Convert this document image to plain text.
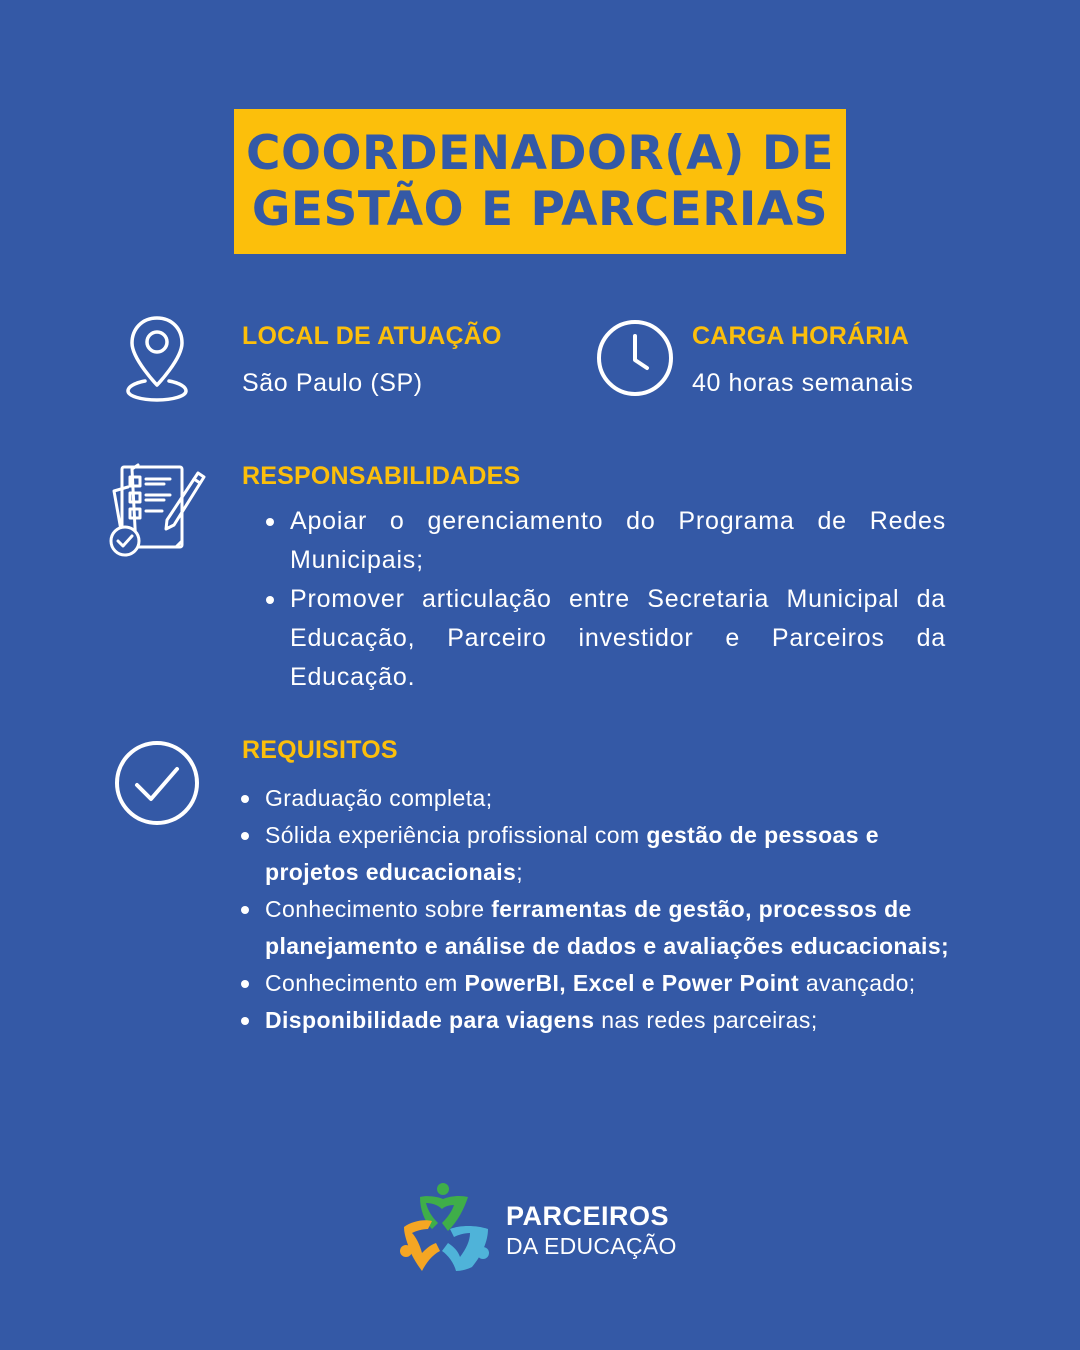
COORDENADOR(A) DE
GESTÃO E PARCERIAS
LOCAL DE ATUAÇÃO
São Paulo (SP)
CARGA HORÁRIA
40 horas semanais
RESPONSABILIDADES
Apoiar o gerenciamento do Programa de Redes Municipais;
Promover articulação entre Secretaria Municipal da Educação, Parceiro investidor e Parceiros da Educação.
REQUISITOS
Graduação completa;
Sólida experiência profissional com gestão de pessoas e projetos educacionais;
Conhecimento sobre ferramentas de gestão, processos de planejamento e análise de dados e avaliações educacionais;
Conhecimento em PowerBI, Excel e Power Point avançado;
Disponibilidade para viagens nas redes parceiras;
PARCEIROS
DA EDUCAÇÃO
